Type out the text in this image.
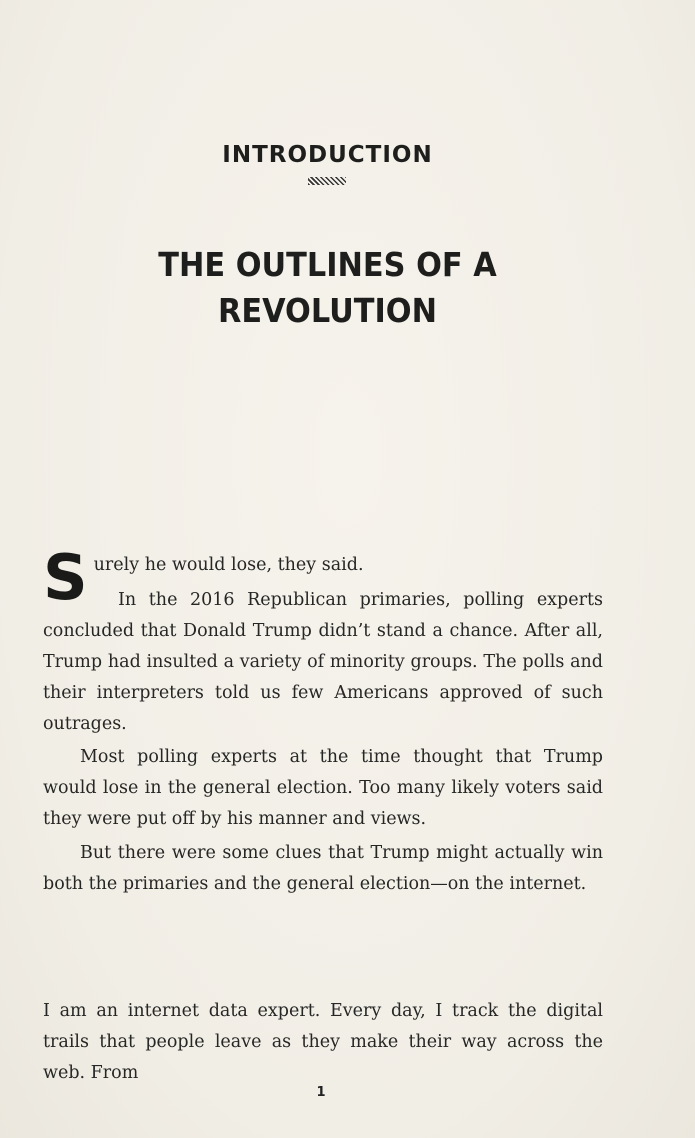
INTRODUCTION
THE OUTLINES OF A
REVOLUTION
S urely he would lose, they said.

In the 2016 Republican primaries, polling experts concluded that Donald Trump didn’t stand a chance. After all, Trump had insulted a variety of minority groups. The polls and their interpreters told us few Americans approved of such outrages.

Most polling experts at the time thought that Trump would lose in the general election. Too many likely voters said they were put off by his manner and views.

But there were some clues that Trump might actually win both the primaries and the general election—on the internet.

I am an internet data expert. Every day, I track the digital trails that people leave as they make their way across the web. From

1
